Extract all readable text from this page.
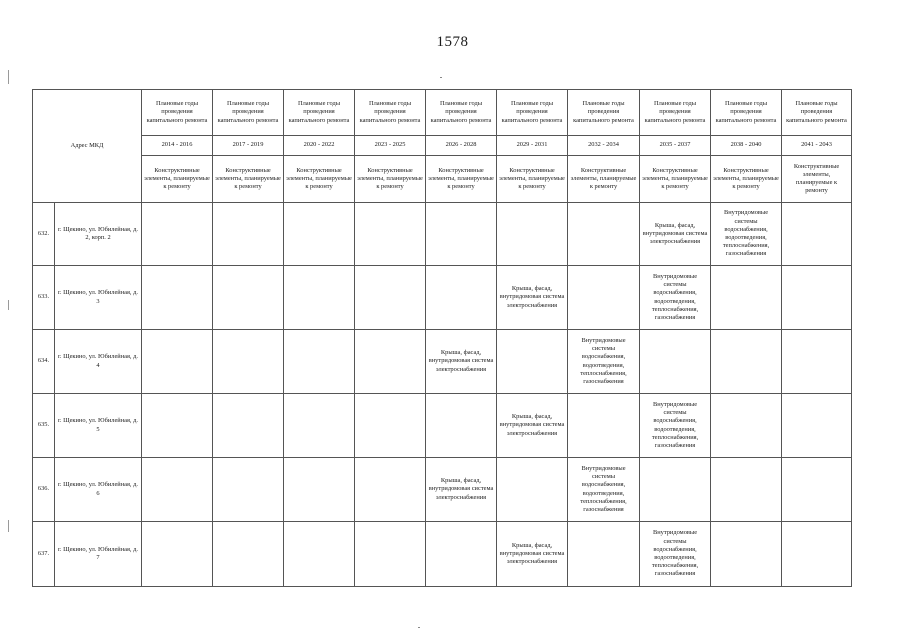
1578
Адрес МКД		Плановые годы проведения капитального ремонта	Плановые годы проведения капитального ремонта	Плановые годы проведения капитального ремонта	Плановые годы проведения капитального ремонта	Плановые годы проведения капитального ремонта	Плановые годы проведения капитального ремонта	Плановые годы проведения капитального ремонта	Плановые годы проведения капитального ремонта	Плановые годы проведения капитального ремонта	Плановые годы проведения капитального ремонта
		2014 - 2016	2017 - 2019	2020 - 2022	2023 - 2025	2026 - 2028	2029 - 2031	2032 - 2034	2035 - 2037	2038 - 2040	2041 - 2043
		Конструктивные элементы, планируемые к ремонту	Конструктивные элементы, планируемые к ремонту	Конструктивные элементы, планируемые к ремонту	Конструктивные элементы, планируемые к ремонту	Конструктивные элементы, планируемые к ремонту	Конструктивные элементы, планируемые к ремонту	Конструктивные элементы, планируемые к ремонту	Конструктивные элементы, планируемые к ремонту	Конструктивные элементы, планируемые к ремонту	Конструктивные элементы, планируемые к ремонту
632.	г. Щекино, ул. Юбилейная, д. 2, корп. 2								Крыша, фасад, внутридомовая система электроснабжения	Внутридомовые системы водоснабжения, водоотведения, теплоснабжения, газоснабжения	
633.	г. Щекино, ул. Юбилейная, д. 3						Крыша, фасад, внутридомовая система электроснабжения		Внутридомовые системы водоснабжения, водоотведения, теплоснабжения, газоснабжения		
634.	г. Щекино, ул. Юбилейная, д. 4					Крыша, фасад, внутридомовая система электроснабжения		Внутридомовые системы водоснабжения, водоотведения, теплоснабжения, газоснабжения			
635.	г. Щекино, ул. Юбилейная, д. 5						Крыша, фасад, внутридомовая система электроснабжения		Внутридомовые системы водоснабжения, водоотведения, теплоснабжения, газоснабжения		
636.	г. Щекино, ул. Юбилейная, д. 6					Крыша, фасад, внутридомовая система электроснабжения		Внутридомовые системы водоснабжения, водоотведения, теплоснабжения, газоснабжения			
637.	г. Щекино, ул. Юбилейная, д. 7						Крыша, фасад, внутридомовая система электроснабжения		Внутридомовые системы водоснабжения, водоотведения, теплоснабжения, газоснабжения		
